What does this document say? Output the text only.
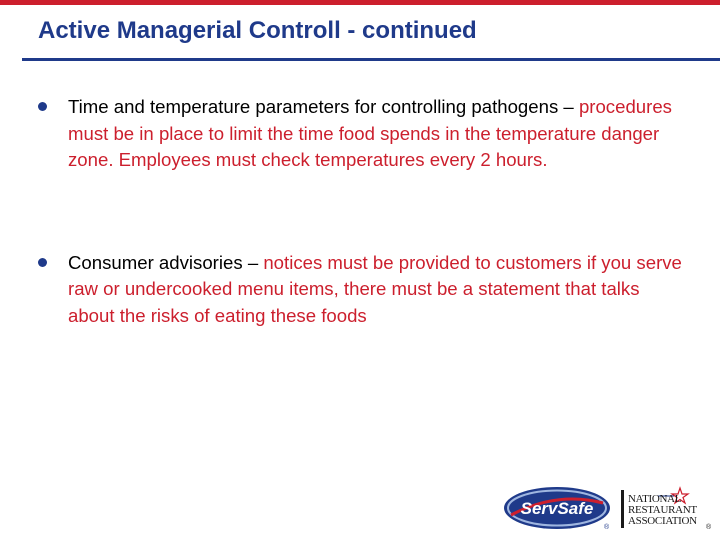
Active Managerial Controll - continued
Time and temperature parameters for controlling pathogens – procedures must be in place to limit the time food spends in the temperature danger zone. Employees must check temperatures every 2 hours.
Consumer advisories – notices must be provided to customers if you serve raw or undercooked menu items, there must be a statement that talks about the risks of eating these foods
ServSafe
®
NATIONAL
RESTAURANT
ASSOCIATION
®
